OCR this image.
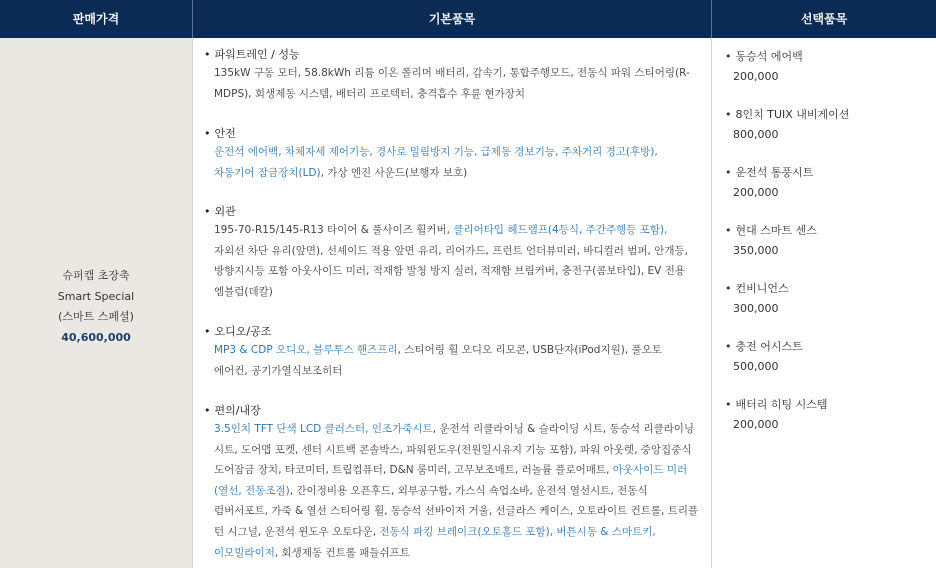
판매가격	기본품목	선택품목
슈퍼캡 초장축
Smart Special
(스마트 스페셜)
40,600,000
• 파워트레인 / 성능
135kW 구동 모터, 58.8kWh 리튬 이온 폴리머 배터리, 감속기, 통합주행모드, 전동식 파워 스티어링(R-
MDPS), 회생제동 시스템, 배터리 프로텍터, 충격흡수 후륜 현가장치
• 안전
운전석 에어백, 차체자세 제어기능, 경사로 밀림방지 기능, 급제동 경보기능, 주차거리 경고(후방),
차동기어 잠금장치(LD), 가상 엔진 사운드(보행자 보호)
• 외관
195-70-R15/145-R13 타이어 & 풀사이즈 휠커버, 클리어타입 헤드램프(4등식, 주간주행등 포함),
자외선 차단 유리(앞면), 선셰이드 적용 앞면 유리, 리어가드, 프런트 언더뷰미러, 바디컬러 범퍼, 안개등,
방향지시등 포함 아웃사이드 미러, 적재함 발청 방지 실러, 적재함 브림커버, 충전구(콤보타입), EV 전용
엠블럼(데칼)
• 오디오/공조
MP3 & CDP 오디오, 블루투스 핸즈프리, 스티어링 휠 오디오 리모콘, USB단자(iPod지원), 풀오토
에어컨, 공기가열식보조히터
• 편의/내장
3.5인치 TFT 단색 LCD 클러스터, 인조가죽시트, 운전석 리클라이닝 & 슬라이딩 시트, 동승석 리클라이닝
시트, 도어맵 포켓, 센터 시트백 콘솔박스, 파워윈도우(전원일시유지 기능 포함), 파워 아웃렛, 중앙집중식
도어잠금 장치, 타코미터, 트립컴퓨터, D&N 룸미러, 고무보조매트, 러놀륨 플로어매트, 아웃사이드 미러
(열선, 전동조절), 간이정비용 오픈후드, 외부공구함, 가스식 쇽업소바, 운전석 열선시트, 전동식
럼버서포트, 가죽 & 열선 스티어링 휠, 동승석 선바이저 거울, 선글라스 케이스, 오토라이트 컨트롤, 트리플
턴 시그널, 운전석 윈도우 오토다운, 전동식 파킹 브레이크(오토홀드 포함), 버튼시동 & 스마트키,
이모빌라이저, 회생제동 컨트롤 패들쉬프트
• 동승석 에어백
200,000
• 8인치 TUIX 내비게이션
800,000
• 운전석 통풍시트
200,000
• 현대 스마트 센스
350,000
• 컨비니언스
300,000
• 충전 어시스트
500,000
• 배터리 히팅 시스템
200,000
